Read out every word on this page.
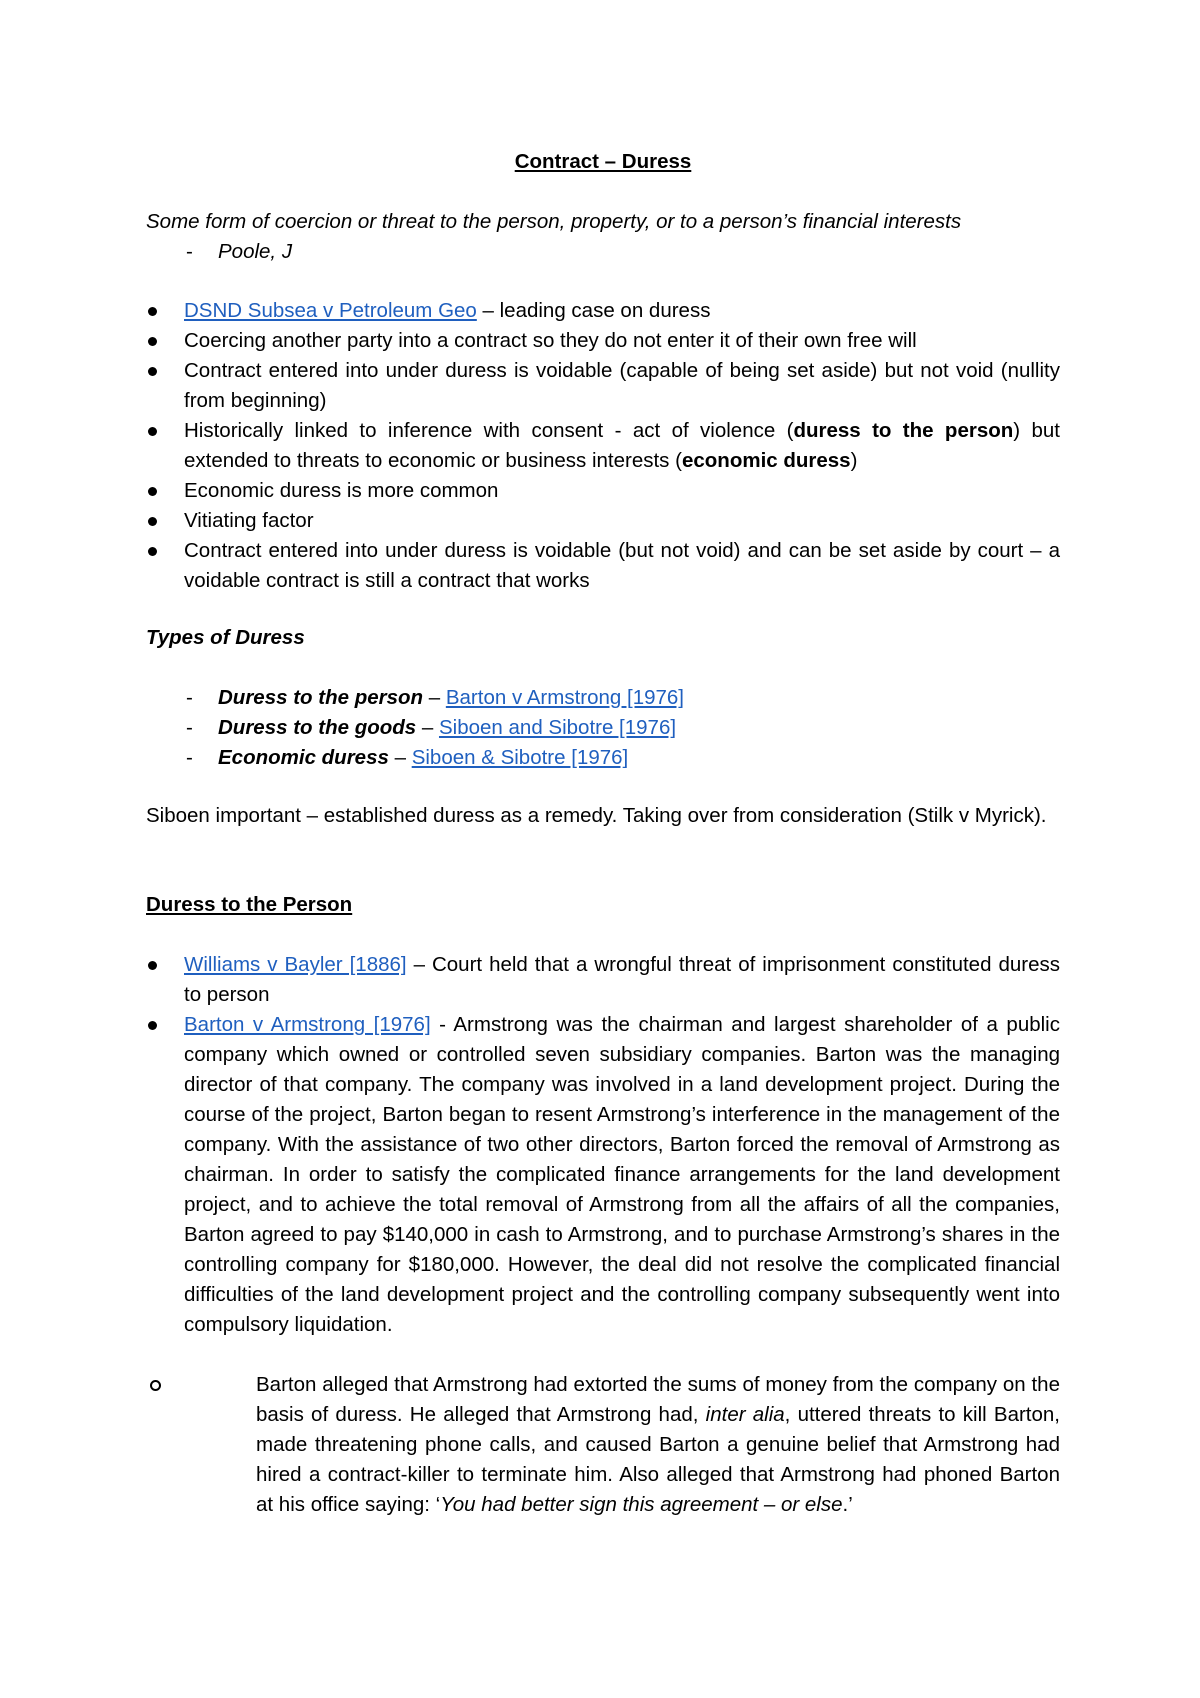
Contract – Duress
Some form of coercion or threat to the person, property, or to a person’s financial interests
- Poole, J
DSND Subsea v Petroleum Geo – leading case on duress
Coercing another party into a contract so they do not enter it of their own free will
Contract entered into under duress is voidable (capable of being set aside) but not void (nullity from beginning)
Historically linked to inference with consent - act of violence (duress to the person) but extended to threats to economic or business interests (economic duress)
Economic duress is more common
Vitiating factor
Contract entered into under duress is voidable (but not void) and can be set aside by court – a voidable contract is still a contract that works
Types of Duress
- Duress to the person – Barton v Armstrong [1976]
- Duress to the goods – Siboen and Sibotre [1976]
- Economic duress – Siboen & Sibotre [1976]
Siboen important – established duress as a remedy. Taking over from consideration (Stilk v Myrick).
Duress to the Person
Williams v Bayler [1886] – Court held that a wrongful threat of imprisonment constituted duress to person
Barton v Armstrong [1976] - Armstrong was the chairman and largest shareholder of a public company which owned or controlled seven subsidiary companies. Barton was the managing director of that company. The company was involved in a land development project. During the course of the project, Barton began to resent Armstrong’s interference in the management of the company. With the assistance of two other directors, Barton forced the removal of Armstrong as chairman. In order to satisfy the complicated finance arrangements for the land development project, and to achieve the total removal of Armstrong from all the affairs of all the companies, Barton agreed to pay $140,000 in cash to Armstrong, and to purchase Armstrong’s shares in the controlling company for $180,000. However, the deal did not resolve the complicated financial difficulties of the land development project and the controlling company subsequently went into compulsory liquidation.
Barton alleged that Armstrong had extorted the sums of money from the company on the basis of duress. He alleged that Armstrong had, inter alia, uttered threats to kill Barton, made threatening phone calls, and caused Barton a genuine belief that Armstrong had hired a contract-killer to terminate him. Also alleged that Armstrong had phoned Barton at his office saying: ‘You had better sign this agreement – or else.’
